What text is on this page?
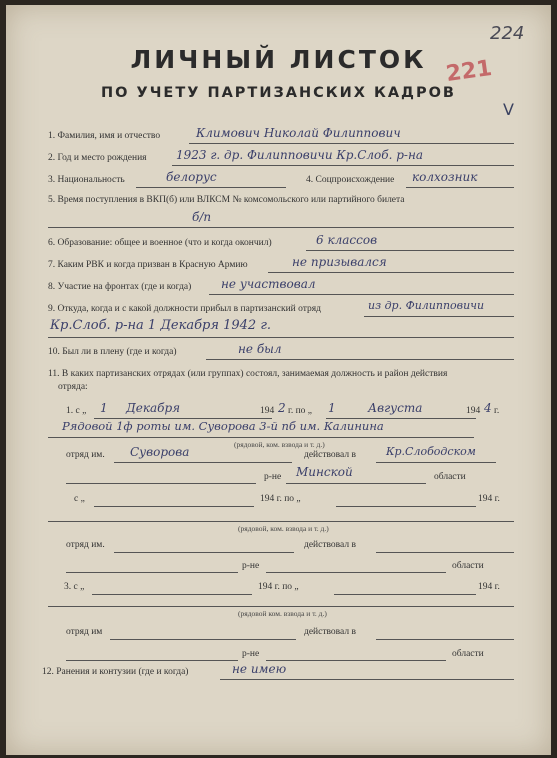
224
221
ЛИЧНЫЙ ЛИСТОК
ПО УЧЕТУ ПАРТИЗАНСКИХ КАДРОВ
V
1. Фамилия, имя и отчество	Климович Николай Филиппович
2. Год и место рождения 1923 г. др. Филипповичи Кр.Слоб. р-на
3. Национальность	белорус	4. Соцпроисхождение колхозник
5. Время поступления в ВКП(б) или ВЛКСМ № комсомольского или партийного билета
б/п
6. Образование: общее и военное (что и когда окончил)	6 классов
7. Каким РВК и когда призван в Красную Армию	не призывался
8. Участие на фронтах (где и когда) не участвовал
9. Откуда, когда и с какой должности прибыл в партизанский отряд	из др. Филипповичи
Кр.Слоб. р-на 1 Декабря 1942 г.
10. Был ли в плену (где и когда)	не был
11. В каких партизанских отрядах (или группах) состоял, занимаемая должность и район действия
отряда:
1. с „ 1 Декабря	194 2 г. по „ 1	Августа	194 4 г.
Рядовой 1ф роты им. Суворова 3-й пб им. Калинина
(рядовой, ком. взвода и т. д.)
отряд им. Суворова	действовал в	Кр.Слободском
р-не Минской	области
с „	194 г. по „	194 г.
(рядовой, ком. взвода и т. д.)
отряд им.	действовал в
р-не	области
3. с „	194 г. по „	194 г.
(рядовой ком. взвода и т. д.)
отряд им	действовал в
р-не	области
12. Ранения и контузии (где и когда)	не имею
